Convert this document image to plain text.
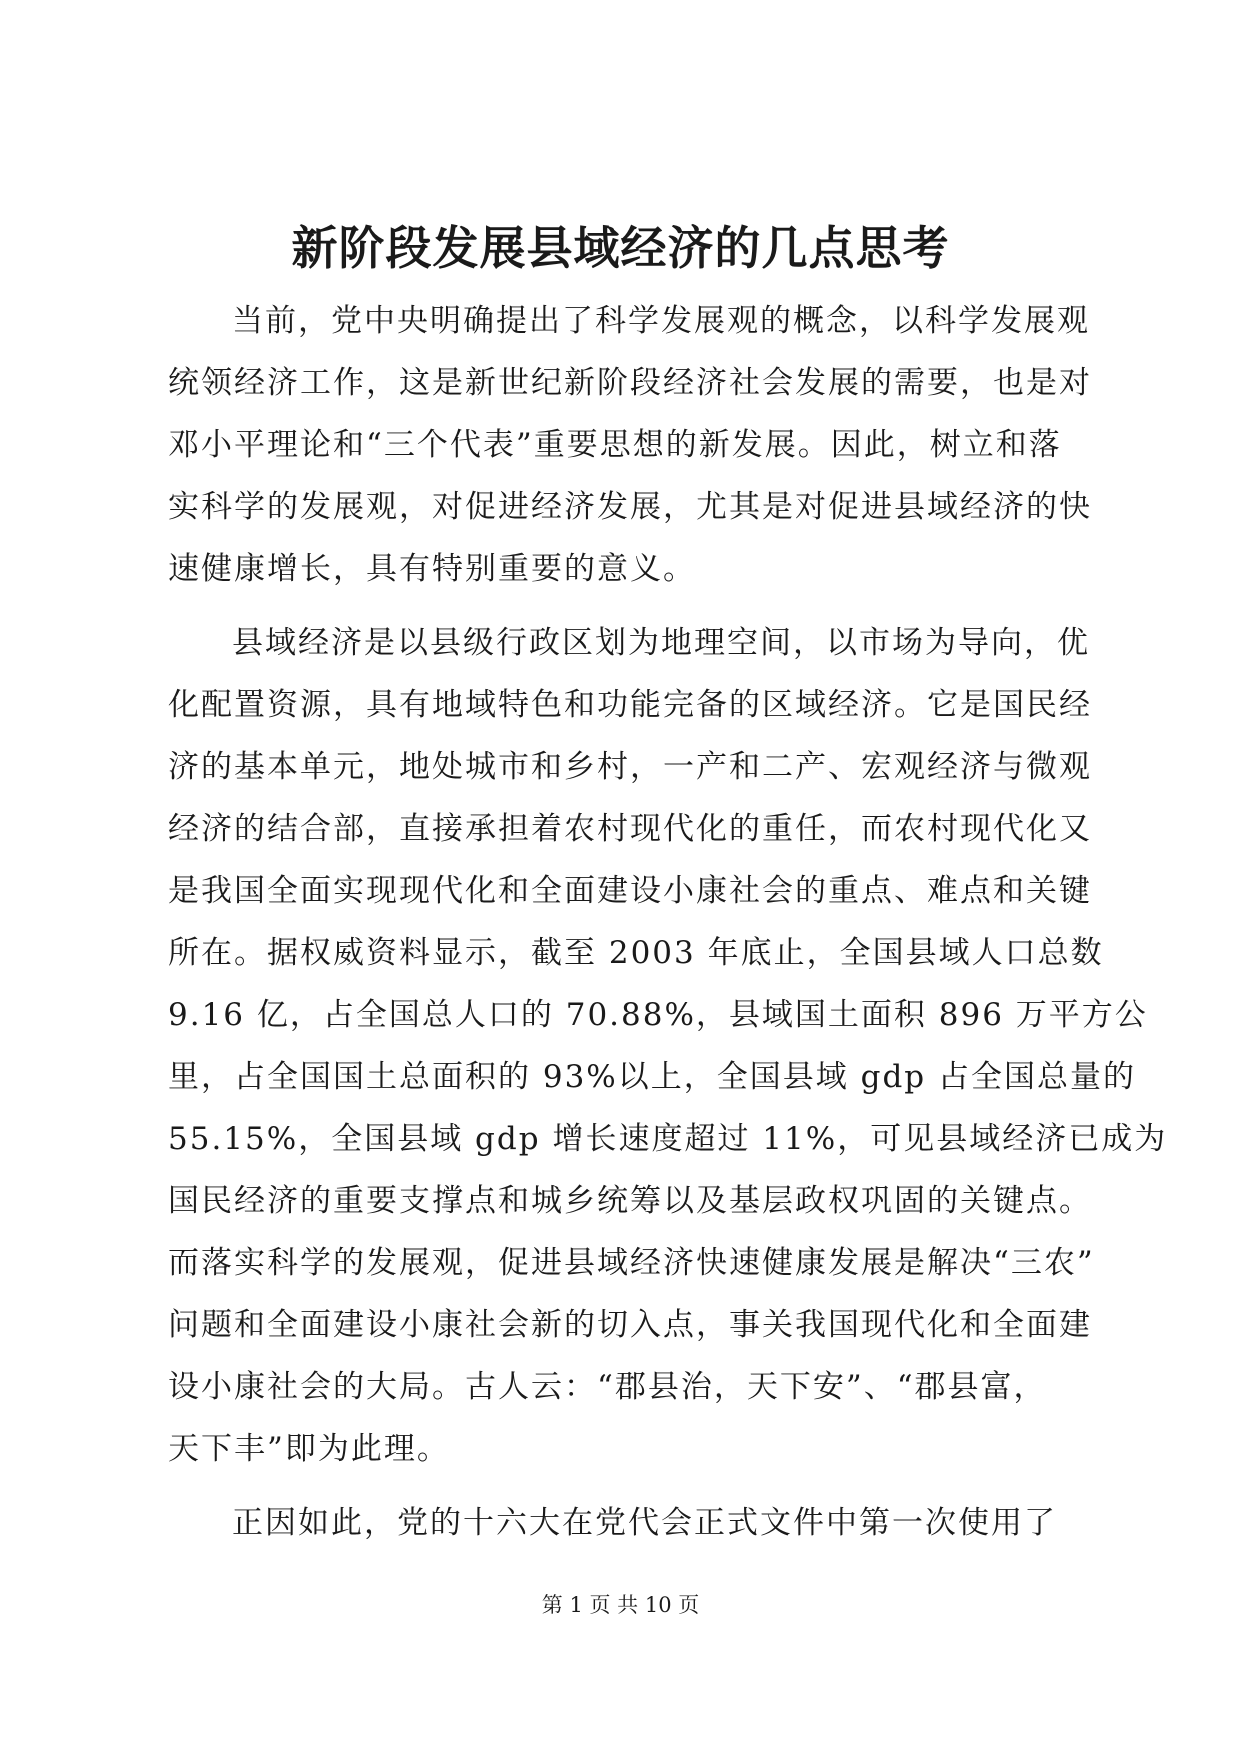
新阶段发展县域经济的几点思考
当前，党中央明确提出了科学发展观的概念，以科学发展观
统领经济工作，这是新世纪新阶段经济社会发展的需要，也是对
邓小平理论和“三个代表”重要思想的新发展。因此，树立和落
实科学的发展观，对促进经济发展，尤其是对促进县域经济的快
速健康增长，具有特别重要的意义。
县域经济是以县级行政区划为地理空间，以市场为导向，优
化配置资源，具有地域特色和功能完备的区域经济。它是国民经
济的基本单元，地处城市和乡村，一产和二产、宏观经济与微观
经济的结合部，直接承担着农村现代化的重任，而农村现代化又
是我国全面实现现代化和全面建设小康社会的重点、难点和关键
所在。据权威资料显示，截至 2003 年底止，全国县域人口总数
9.16 亿，占全国总人口的 70.88%，县域国土面积 896 万平方公
里，占全国国土总面积的 93%以上，全国县域 gdp 占全国总量的
55.15%，全国县域 gdp 增长速度超过 11%，可见县域经济已成为
国民经济的重要支撑点和城乡统筹以及基层政权巩固的关键点。
而落实科学的发展观，促进县域经济快速健康发展是解决“三农”
问题和全面建设小康社会新的切入点，事关我国现代化和全面建
设小康社会的大局。古人云：“郡县治，天下安”、“郡县富，
天下丰”即为此理。
正因如此，党的十六大在党代会正式文件中第一次使用了
第 1 页 共 10 页
